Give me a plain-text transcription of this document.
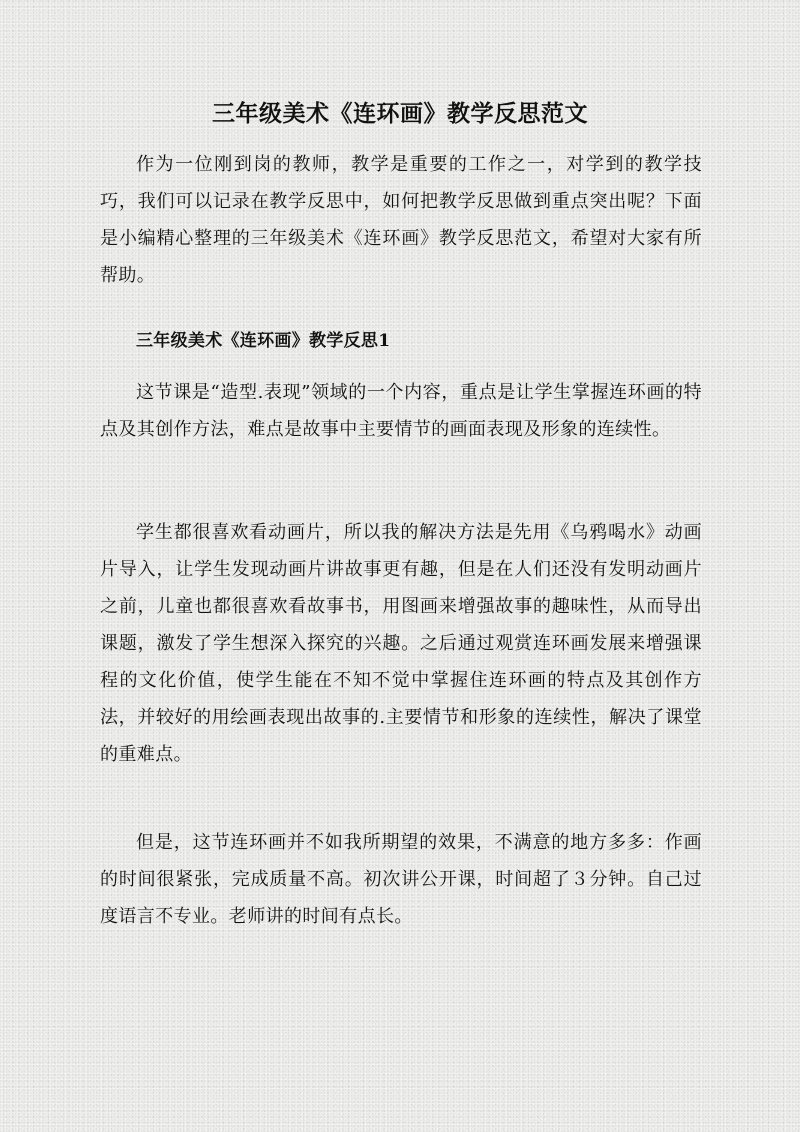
三年级美术《连环画》教学反思范文
作为一位刚到岗的教师，教学是重要的工作之一，对学到的教学技巧，我们可以记录在教学反思中，如何把教学反思做到重点突出呢？下面是小编精心整理的三年级美术《连环画》教学反思范文，希望对大家有所帮助。
三年级美术《连环画》教学反思1
这节课是“造型.表现”领域的一个内容，重点是让学生掌握连环画的特点及其创作方法，难点是故事中主要情节的画面表现及形象的连续性。
学生都很喜欢看动画片，所以我的解决方法是先用《乌鸦喝水》动画片导入，让学生发现动画片讲故事更有趣，但是在人们还没有发明动画片之前，儿童也都很喜欢看故事书，用图画来增强故事的趣味性，从而导出课题，激发了学生想深入探究的兴趣。之后通过观赏连环画发展来增强课程的文化价值，使学生能在不知不觉中掌握住连环画的特点及其创作方法，并较好的用绘画表现出故事的.主要情节和形象的连续性，解决了课堂的重难点。
但是，这节连环画并不如我所期望的效果，不满意的地方多多：作画的时间很紧张，完成质量不高。初次讲公开课，时间超了３分钟。自己过度语言不专业。老师讲的时间有点长。
